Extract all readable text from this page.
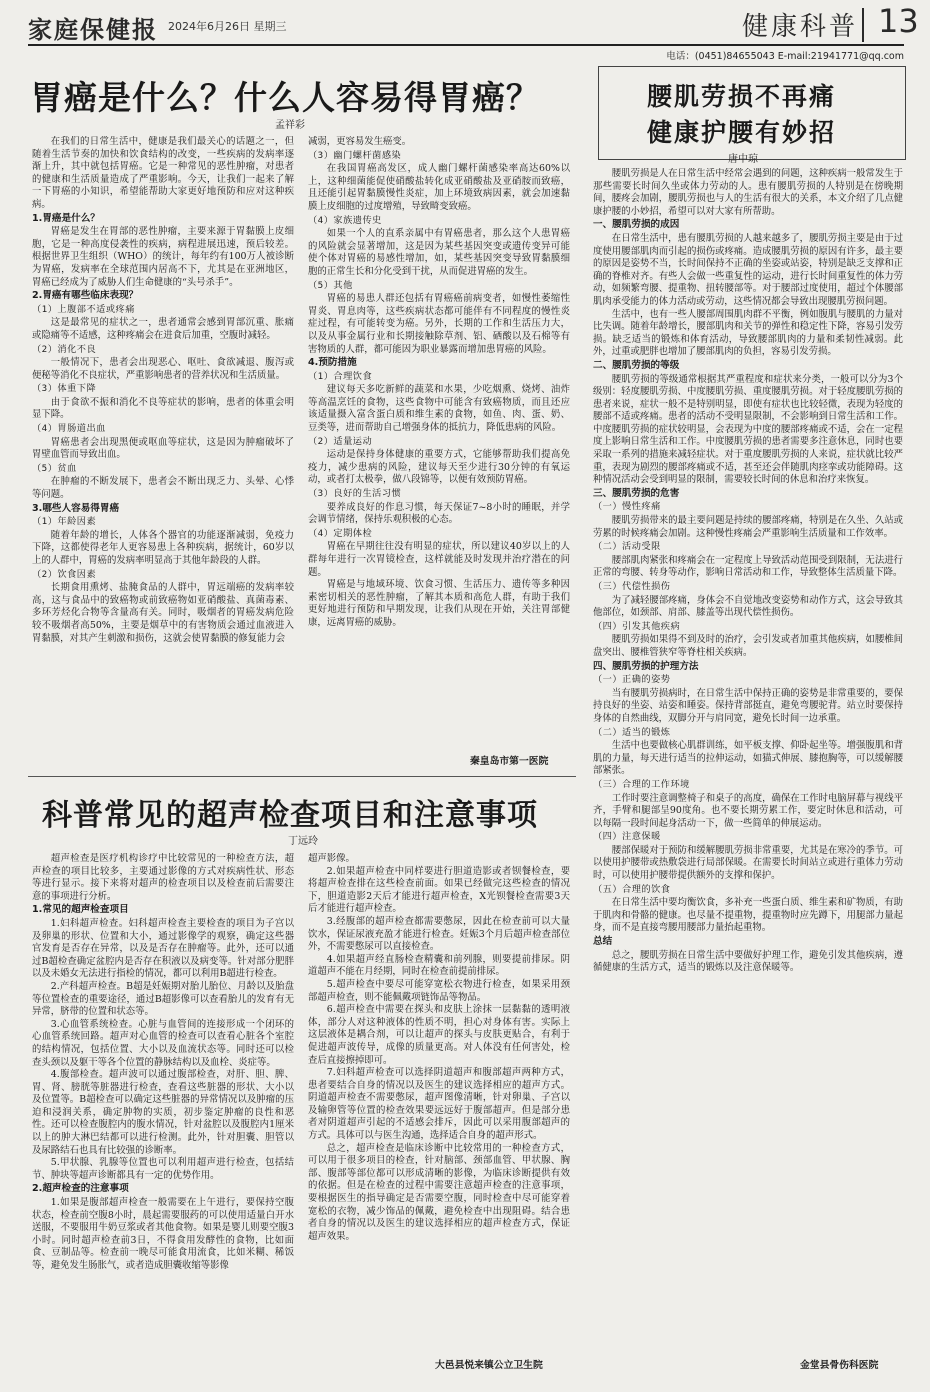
家庭保健报 2024年6月26日 星期三	健康科普 13
电话：(0451)84655043 E-mail:21941771@qq.com
胃癌是什么？什么人容易得胃癌？
孟祥彩

在我们的日常生活中，健康是我们最关心的话题之一，但随着生活节奏的加快和饮食结构的改变，一些疾病的发病率逐渐上升，其中就包括胃癌。它是一种常见的恶性肿瘤，对患者的健康和生活质量造成了严重影响。今天，让我们一起来了解一下胃癌的小知识，希望能帮助大家更好地预防和应对这种疾病。

1.胃癌是什么？

胃癌是发生在胃部的恶性肿瘤，主要来源于胃黏膜上皮细胞，它是一种高度侵袭性的疾病，病程进展迅速，预后较差。根据世界卫生组织（WHO）的统计，每年约有100万人被诊断为胃癌，发病率在全球范围内居高不下，尤其是在亚洲地区，胃癌已经成为了威胁人们生命健康的“头号杀手”。

2.胃癌有哪些临床表现？
（1）上腹部不适或疼痛

这是最常见的症状之一，患者通常会感到胃部沉重、胀痛或隐痛等不适感，这种疼痛会在进食后加重，空腹时减轻。

（2）消化不良

一般情况下，患者会出现恶心、呕吐、食欲减退、腹泻或便秘等消化不良症状，严重影响患者的营养状况和生活质量。

（3）体重下降

由于食欲不振和消化不良等症状的影响，患者的体重会明显下降。

（4）胃肠道出血

胃癌患者会出现黑便或呕血等症状，这是因为肿瘤破坏了胃壁血管而导致出血。

（5）贫血

在肿瘤的不断发展下，患者会不断出现乏力、头晕、心悸等问题。

3.哪些人容易得胃癌
（1）年龄因素

随着年龄的增长，人体各个器官的功能逐渐减弱，免疫力下降，这都使得老年人更容易患上各种疾病，据统计，60岁以上的人群中，胃癌的发病率明显高于其他年龄段的人群。

（2）饮食因素

长期食用熏烤、盐腌食品的人群中，胃远端癌的发病率较高，这与食品中的致癌物或前致癌物如亚硝酸盐、真菌毒素、多环芳烃化合物等含量高有关。同时，吸烟者的胃癌发病危险较不吸烟者高50%，主要是烟草中的有害物质会通过血液进入胃黏膜，对其产生刺激和损伤，这就会使胃黏膜的修复能力会

减弱，更容易发生癌变。

（3）幽门螺杆菌感染

在我国胃癌高发区，成人幽门螺杆菌感染率高达60%以上，这种细菌能促使硝酸盐转化成亚硝酸盐及亚硝胺而致癌，且还能引起胃黏膜慢性炎症，加上环境致病因素，就会加速黏膜上皮细胞的过度增殖，导致畸变致癌。

（4）家族遗传史

如果一个人的直系亲属中有胃癌患者，那么这个人患胃癌的风险就会显著增加，这是因为某些基因突变或遗传变异可能使个体对胃癌的易感性增加，如，某些基因突变导致胃黏膜细胞的正常生长和分化受到干扰，从而促进胃癌的发生。

（5）其他

胃癌的易患人群还包括有胃癌癌前病变者，如慢性萎缩性胃炎、胃息肉等，这些疾病状态都可能伴有不同程度的慢性炎症过程，有可能转变为癌。另外，长期的工作和生活压力大，以及从事金属行业和长期接触除草剂、铝、硒酸以及石棉等有害物质的人群，都可能因为职业暴露而增加患胃癌的风险。

4.预防措施
（1）合理饮食

建议每天多吃新鲜的蔬菜和水果，少吃烟熏、烧烤、油炸等高温烹饪的食物，这些食物中可能含有致癌物质，而且还应该适量摄入富含蛋白质和维生素的食物，如鱼、肉、蛋、奶、豆类等，进而帮助自己增强身体的抵抗力，降低患病的风险。

（2）适量运动

运动是保持身体健康的重要方式，它能够帮助我们提高免疫力，减少患病的风险，建议每天至少进行30分钟的有氧运动，或者打太极拳，做八段锦等，以便有效预防胃癌。

（3）良好的生活习惯

要养成良好的作息习惯，每天保证7~8小时的睡眠，并学会调节情绪，保持乐观积极的心态。

（4）定期体检

胃癌在早期往往没有明显的症状，所以建议40岁以上的人群每年进行一次胃镜检查，这样就能及时发现并治疗潜在的问题。

胃癌是与地域环境、饮食习惯、生活压力、遗传等多种因素密切相关的恶性肿瘤，了解其本质和高危人群，有助于我们更好地进行预防和早期发现，让我们从现在开始，关注胃部健康，远离胃癌的威胁。

秦皇岛市第一医院
科普常见的超声检查项目和注意事项
丁远玲

超声检查是医疗机构诊疗中比较常见的一种检查方法，超声检查的项目比较多，主要通过影像的方式对疾病性状、形态等进行显示。接下来将对超声的检查项目以及检查前后需要注意的事项进行分析。

1.常见的超声检查项目

1.妇科超声检查。妇科超声检查主要检查的项目为子宫以及卵巢的形状、位置和大小，通过影像学的观察，确定这些器官发育是否存在异常，以及是否存在肿瘤等。此外，还可以通过B超检查确定盆腔内是否存在积液以及病变等。针对部分肥胖以及未婚女无法进行指检的情况，都可以利用B超进行检查。

2.产科超声检查。B超是妊娠期对胎儿胎位、月龄以及胎盘等位置检查的重要途径，通过B超影像可以查看胎儿的发育有无异常，脐带的位置和状态等。

3.心血管系统检查。心脏与血管间的连接形成一个闭环的心血管系统回路。超声对心血管的检查可以查看心脏各个室腔的结构情况，包括位置、大小以及血流状态等。同时还可以检查头颈以及躯干等各个位置的静脉结构以及血栓、炎症等。

4.腹部检查。超声波可以通过腹部检查，对肝、胆、脾、胃、肾、膀胱等脏器进行检查，查看这些脏器的形状、大小以及位置等。B超检查可以确定这些脏器的异常情况以及肿瘤的压迫和浸润关系，确定肿物的实质，初步鉴定肿瘤的良性和恶性。还可以检查腹腔内的腹水情况，针对盆腔以及腹腔内1厘米以上的肿大淋巴结都可以进行检测。此外，针对胆囊、胆管以及尿路结石也具有比较强的诊断率。

5.甲状腺、乳腺等位置也可以利用超声进行检查，包括结节、肿块等超声诊断都具有一定的优势作用。

2.超声检查的注意事项

1.如果是腹部超声检查一般需要在上午进行，要保持空腹状态，检查前空腹8小时，晨起需要服药的可以使用适量白开水送服，不要服用牛奶豆浆或者其他食物。如果是婴儿则要空腹3小时。同时超声检查前3日，不得食用发酵性的食物，比如面食、豆制品等。检查前一晚尽可能食用流食，比如米糊、稀饭等，避免发生肠胀气，或者造成胆囊收缩等影像

超声影像。

2.如果超声检查中同样要进行胆道造影或者钡餐检查，要将超声检查排在这些检查前面。如果已经做完这些检查的情况下，胆道造影2天后才能进行超声检查，X光钡餐检查需要3天后才能进行超声检查。

3.经腹部的超声检查都需要憋尿，因此在检查前可以大量饮水，保证尿液充盈才能进行检查。妊娠3个月后超声检查部位外，不需要憋尿可以直接检查。

4.如果超声经直肠检查精囊和前列腺，则要提前排尿。阴道超声不能在月经期，同时在检查前提前排尿。

5.超声检查中要尽可能穿宽松衣物进行检查，如果采用颈部超声检查，则不能佩戴项链饰品等物品。

6.超声检查中需要在探头和皮肤上涂抹一层黏黏的透明液体，部分人对这种液体的性质不明，担心对身体有害。实际上这层液体是耦合剂，可以让超声的探头与皮肤更贴合，有利于促进超声波传导，成像的质量更高。对人体没有任何害处，检查后直接擦掉即可。

7.妇科超声检查可以选择阴道超声和腹部超声两种方式，患者要结合自身的情况以及医生的建议选择相应的超声方式。阴道超声检查不需要憋尿，超声图像清晰，针对卵巢、子宫以及输卵管等位置的检查效果要远远好于腹部超声。但是部分患者对阴道超声引起的不适感会排斥，因此可以采用腹部超声的方式。具体可以与医生沟通，选择适合自身的超声形式。

总之，超声检查是临床诊断中比较常用的一种检查方式，可以用于很多项目的检查，针对脑部、颈部血管、甲状腺、胸部、腹部等部位都可以形成清晰的影像，为临床诊断提供有效的依据。但是在检查的过程中需要注意超声检查的注意事项，要根据医生的指导确定是否需要空腹，同时检查中尽可能穿着宽松的衣物，减少饰品的佩戴，避免检查中出现阻碍。结合患者自身的情况以及医生的建议选择相应的超声检查方式，保证超声效果。

大邑县悦来镇公立卫生院
腰肌劳损不再痛
健康护腰有妙招
唐中琼

腰肌劳损是人在日常生活中经常会遇到的问题，这种疾病一般常发生于那些需要长时间久坐或体力劳动的人。患有腰肌劳损的人特别是在傍晚期间，腰疼会加剧，腰肌劳损也与人的生活有很大的关系，本文介绍了几点健康护腰的小妙招，希望可以对大家有所帮助。

一、腰肌劳损的成因

在日常生活中，患有腰肌劳损的人越来越多了，腰肌劳损主要是由于过度使用腰部肌肉而引起的损伤或疼痛。造成腰肌劳损的原因有许多，最主要的原因是姿势不当，长时间保持不正确的坐姿或站姿，特别是缺乏支撑和正确的脊椎对齐。有些人会做一些重复性的运动，进行长时间重复性的体力劳动，如频繁弯腰、提重物、扭转腰部等。对于腰部过度使用，超过个体腰部肌肉承受能力的体力活动或劳动，这些情况都会导致出现腰肌劳损问题。

生活中，也有一些人腰部周围肌肉群不平衡，例如腹肌与腰肌的力量对比失调。随着年龄增长，腰部肌肉和关节的弹性和稳定性下降，容易引发劳损。缺乏适当的锻炼和体育活动，导致腰部肌肉的力量和柔韧性减弱。此外，过重或肥胖也增加了腰部肌肉的负担，容易引发劳损。

二、腰肌劳损的等级

腰肌劳损的等级通常根据其严重程度和症状来分类，一般可以分为3个级别：轻度腰肌劳损、中度腰肌劳损、重度腰肌劳损。对于轻度腰肌劳损的患者来说，症状一般不是特别明显，即使有症状也比较轻微，表现为轻度的腰部不适或疼痛。患者的活动不受明显限制，不会影响到日常生活和工作。中度腰肌劳损的症状较明显，会表现为中度的腰部疼痛或不适，会在一定程度上影响日常生活和工作。中度腰肌劳损的患者需要多注意休息，同时也要采取一系列的措施来减轻症状。对于重度腰肌劳损的人来说，症状就比较严重，表现为剧烈的腰部疼痛或不适，甚至还会伴随肌肉痉挛或功能障碍。这种情况活动会受到明显的限制，需要较长时间的休息和治疗来恢复。

三、腰肌劳损的危害
（一）慢性疼痛

腰肌劳损带来的最主要问题是持续的腰部疼痛，特别是在久坐、久站或劳累的时候疼痛会加剧。这种慢性疼痛会严重影响生活质量和工作效率。

（二）活动受限

腰部肌肉紧张和疼痛会在一定程度上导致活动范围受到限制，无法进行正常的弯腰、转身等动作，影响日常活动和工作，导致整体生活质量下降。

（三）代偿性损伤

为了减轻腰部疼痛，身体会不自觉地改变姿势和动作方式，这会导致其他部位，如颈部、肩部、膝盖等出现代偿性损伤。

（四）引发其他疾病

腰肌劳损如果得不到及时的治疗，会引发或者加重其他疾病，如腰椎间盘突出、腰椎管狭窄等脊柱相关疾病。

四、腰肌劳损的护理方法
（一）正确的姿势

当有腰肌劳损病时，在日常生活中保持正确的姿势是非常重要的，要保持良好的坐姿、站姿和睡姿。保持背部挺直，避免弯腰驼背。站立时要保持身体的自然曲线，双脚分开与肩同宽，避免长时间一边承重。

（二）适当的锻炼

生活中也要做核心肌群训练，如平板支撑、仰卧起坐等。增强腹肌和背肌的力量，每天进行适当的拉伸运动，如猫式伸展、膝抱胸等，可以缓解腰部紧张。

（三）合理的工作环境

工作时要注意调整椅子和桌子的高度，确保在工作时电脑屏幕与视线平齐，手臂和腿部呈90度角。也不要长期劳累工作，要定时休息和活动，可以每隔一段时间起身活动一下，做一些简单的伸展运动。

（四）注意保暖

腰部保暖对于预防和缓解腰肌劳损非常重要，尤其是在寒冷的季节。可以使用护腰带或热敷袋进行局部保暖。在需要长时间站立或进行重体力劳动时，可以使用护腰带提供额外的支撑和保护。

（五）合理的饮食

在日常生活中要均衡饮食，多补充一些蛋白质、维生素和矿物质，有助于肌肉和骨骼的健康。也尽量不提重物，提重物时应先蹲下，用腿部力量起身，而不是直接弯腰用腰部力量抬起重物。

总结

总之，腰肌劳损在日常生活中要做好护理工作，避免引发其他疾病，遵循健康的生活方式，适当的锻炼以及注意保暖等。

金堂县骨伤科医院
